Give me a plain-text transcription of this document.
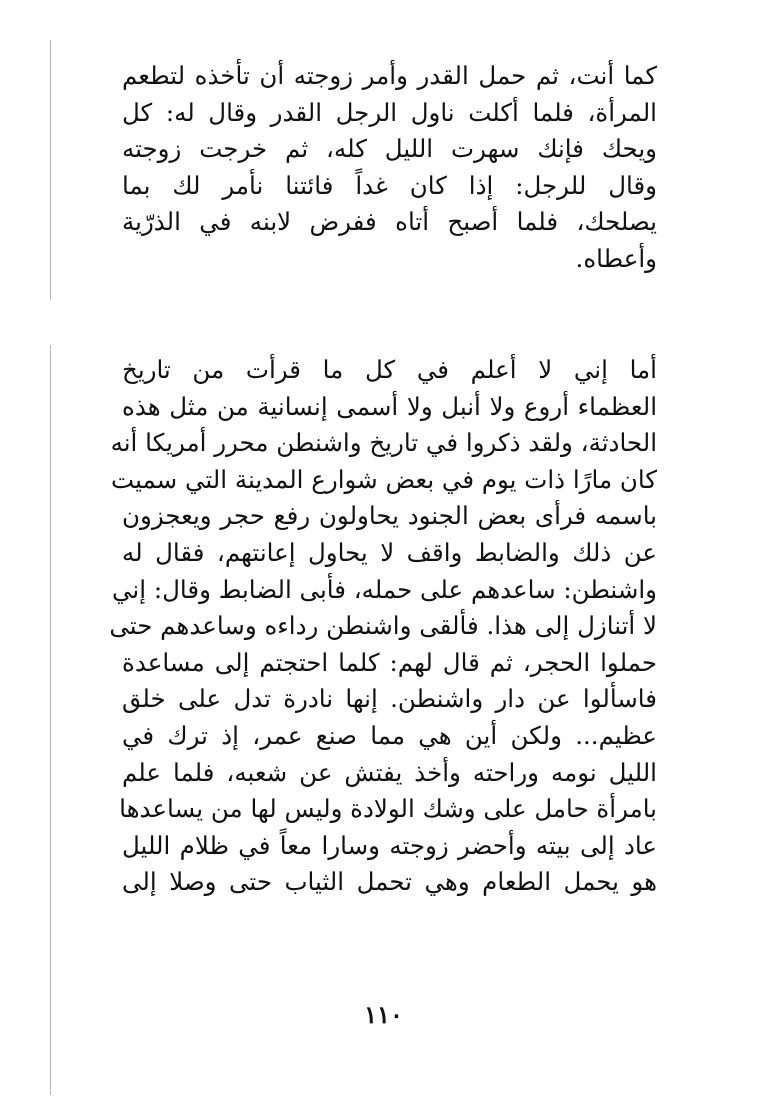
كما أنت، ثم حمل القدر وأمر زوجته أن تأخذه لتطعم
المرأة، فلما أكلت ناول الرجل القدر وقال له: كل
ويحك فإنك سهرت الليل كله، ثم خرجت زوجته
وقال للرجل: إذا كان غداً فائتنا نأمر لك بما
يصلحك، فلما أصبح أتاه ففرض لابنه في الذرّية
وأعطاه.
أما إني لا أعلم في كل ما قرأت من تاريخ
العظماء أروع ولا أنبل ولا أسمى إنسانية من مثل هذه
الحادثة، ولقد ذكروا في تاريخ واشنطن محرر أمريكا أنه
كان مارًا ذات يوم في بعض شوارع المدينة التي سميت
باسمه فرأى بعض الجنود يحاولون رفع حجر ويعجزون
عن ذلك والضابط واقف لا يحاول إعانتهم، فقال له
واشنطن: ساعدهم على حمله، فأبى الضابط وقال: إني
لا أتنازل إلى هذا. فألقى واشنطن رداءه وساعدهم حتى
حملوا الحجر، ثم قال لهم: كلما احتجتم إلى مساعدة
فاسألوا عن دار واشنطن. إنها نادرة تدل على خلق
عظيم... ولكن أين هي مما صنع عمر، إذ ترك في
الليل نومه وراحته وأخذ يفتش عن شعبه، فلما علم
بامرأة حامل على وشك الولادة وليس لها من يساعدها
عاد إلى بيته وأحضر زوجته وسارا معاً في ظلام الليل
هو يحمل الطعام وهي تحمل الثياب حتى وصلا إلى
١١٠
